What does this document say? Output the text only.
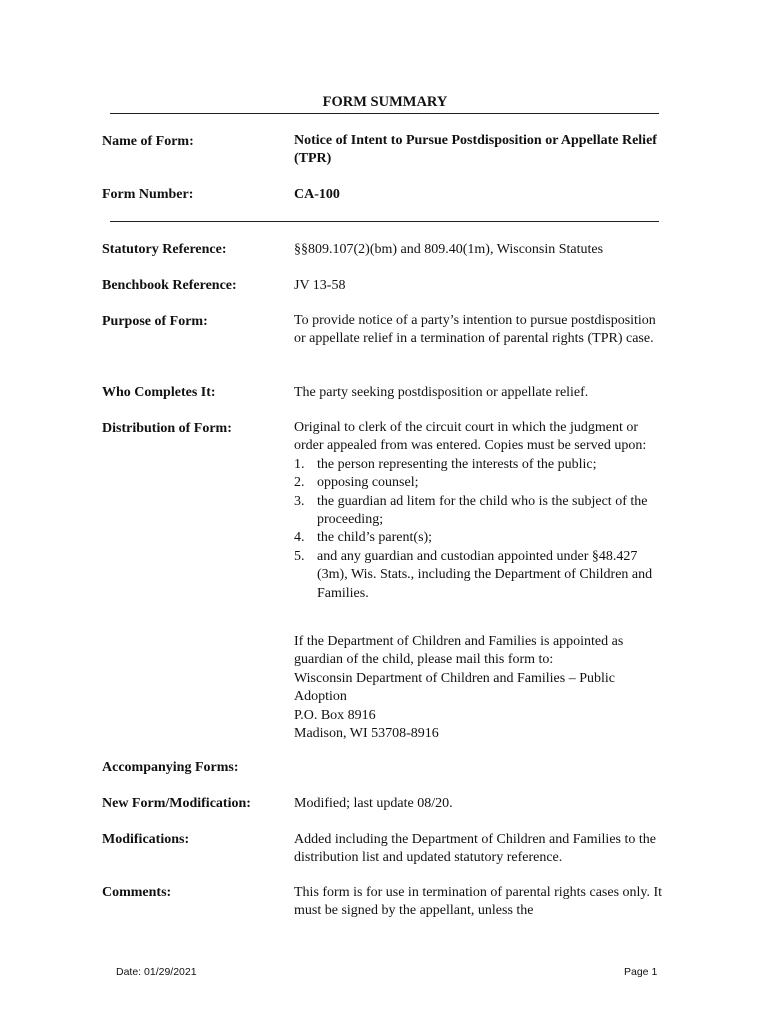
FORM SUMMARY
Name of Form:	Notice of Intent to Pursue Postdisposition or Appellate Relief (TPR)
Form Number:	CA-100
Statutory Reference:	§§809.107(2)(bm) and 809.40(1m), Wisconsin Statutes
Benchbook Reference:	JV 13-58
Purpose of Form:	To provide notice of a party’s intention to pursue postdisposition or appellate relief in a termination of parental rights (TPR) case.
Who Completes It:	The party seeking postdisposition or appellate relief.
Distribution of Form:	Original to clerk of the circuit court in which the judgment or order appealed from was entered. Copies must be served upon:
1. the person representing the interests of the public;
2. opposing counsel;
3. the guardian ad litem for the child who is the subject of the proceeding;
4. the child’s parent(s);
5. and any guardian and custodian appointed under §48.427 (3m), Wis. Stats., including the Department of Children and Families.
If the Department of Children and Families is appointed as guardian of the child, please mail this form to:
Wisconsin Department of Children and Families – Public Adoption
P.O. Box 8916
Madison, WI 53708-8916
Accompanying Forms:
New Form/Modification:	Modified; last update 08/20.
Modifications:	Added including the Department of Children and Families to the distribution list and updated statutory reference.
Comments:	This form is for use in termination of parental rights cases only. It must be signed by the appellant, unless the
Date: 01/29/2021	Page 1
